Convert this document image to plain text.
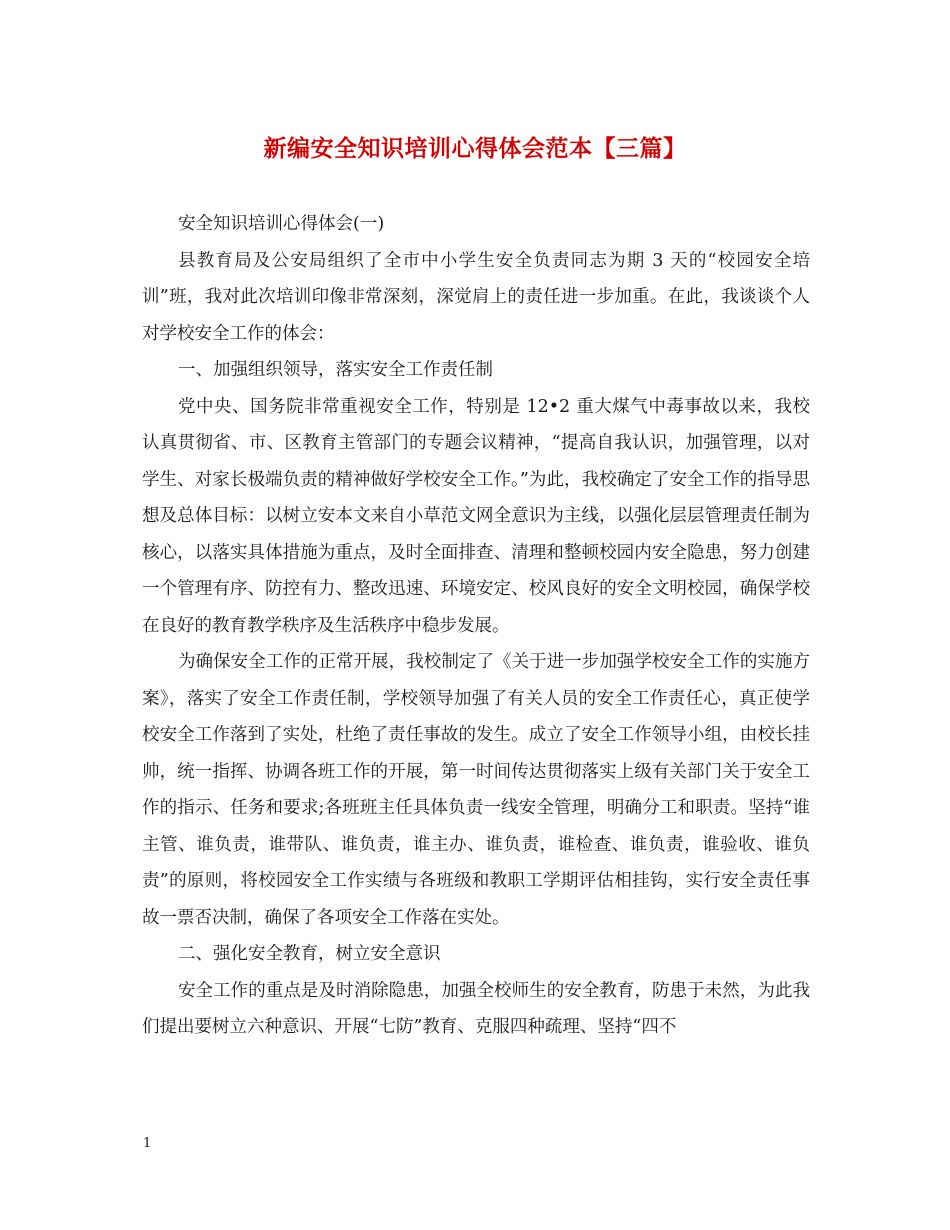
新编安全知识培训心得体会范本【三篇】

安全知识培训心得体会(一)

县教育局及公安局组织了全市中小学生安全负责同志为期 3 天的“校园安全培训”班，我对此次培训印像非常深刻，深觉肩上的责任进一步加重。在此，我谈谈个人对学校安全工作的体会：

一、加强组织领导，落实安全工作责任制

党中央、国务院非常重视安全工作，特别是 12•2 重大煤气中毒事故以来，我校认真贯彻省、市、区教育主管部门的专题会议精神，“提高自我认识，加强管理，以对学生、对家长极端负责的精神做好学校安全工作。”为此，我校确定了安全工作的指导思想及总体目标：以树立安本文来自小草范文网全意识为主线，以强化层层管理责任制为核心，以落实具体措施为重点，及时全面排查、清理和整顿校园内安全隐患，努力创建一个管理有序、防控有力、整改迅速、环境安定、校风良好的安全文明校园，确保学校在良好的教育教学秩序及生活秩序中稳步发展。

为确保安全工作的正常开展，我校制定了《关于进一步加强学校安全工作的实施方案》，落实了安全工作责任制，学校领导加强了有关人员的安全工作责任心，真正使学校安全工作落到了实处，杜绝了责任事故的发生。成立了安全工作领导小组，由校长挂帅，统一指挥、协调各班工作的开展，第一时间传达贯彻落实上级有关部门关于安全工作的指示、任务和要求;各班班主任具体负责一线安全管理，明确分工和职责。坚持“谁主管、谁负责，谁带队、谁负责，谁主办、谁负责，谁检查、谁负责，谁验收、谁负责”的原则，将校园安全工作实绩与各班级和教职工学期评估相挂钩，实行安全责任事故一票否决制，确保了各项安全工作落在实处。

二、强化安全教育，树立安全意识

安全工作的重点是及时消除隐患，加强全校师生的安全教育，防患于未然，为此我们提出要树立六种意识、开展“七防”教育、克服四种疏理、坚持“四不

1
